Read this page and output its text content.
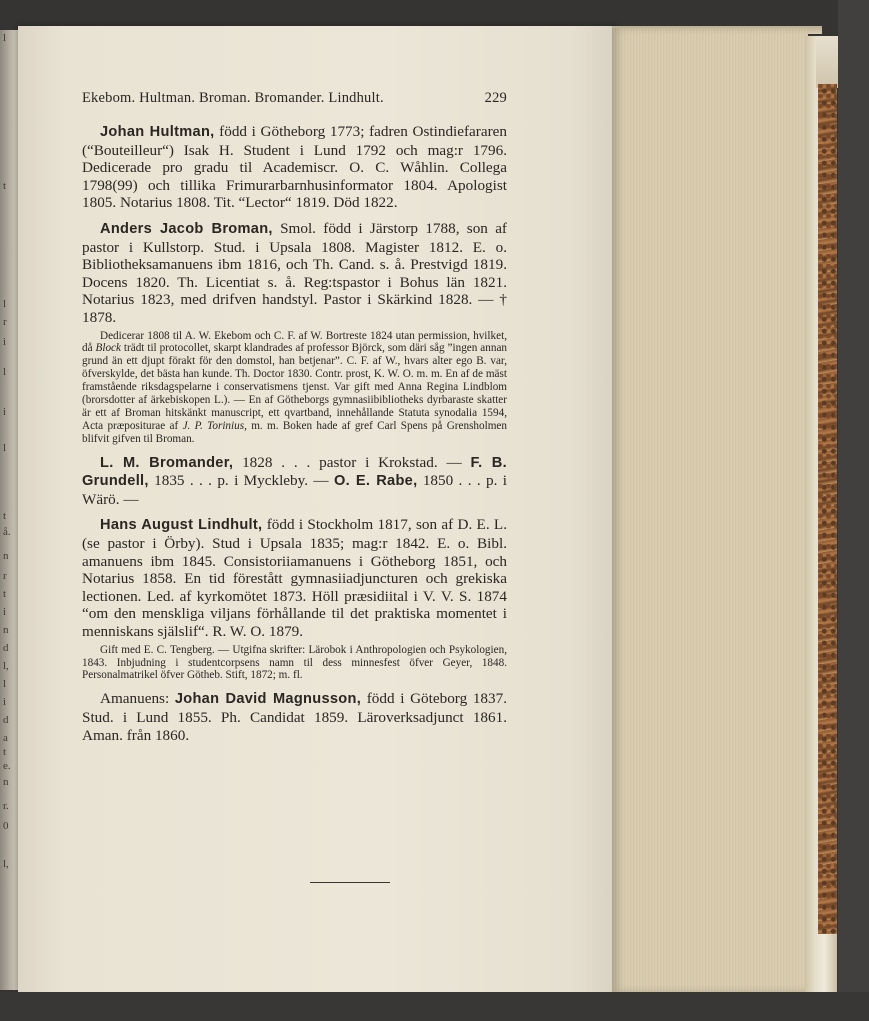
l
t
l
r
i
l
i
l
t
å.
n
r
t
i
n
d
l,
l
i
d
a
t
e.
n
r.
0
l,
Ekebom. Hultman. Broman. Bromander. Lindhult.	229

Johan Hultman, född i Götheborg 1773; fadren Ostindiefararen (“Bouteilleur“) Isak H. Student i Lund 1792 och mag:r 1796. Dedicerade pro gradu til Academiscr. O. C. Wåhlin. Collega 1798(99) och tillika Frimurarbarnhusinformator 1804. Apologist 1805. Notarius 1808. Tit. “Lector“ 1819. Död 1822.

Anders Jacob Broman, Smol. född i Järstorp 1788, son af pastor i Kullstorp. Stud. i Upsala 1808. Magister 1812. E. o. Bibliotheksamanuens ibm 1816, och Th. Cand. s. å. Prestvigd 1819. Docens 1820. Th. Licentiat s. å. Reg:tspastor i Bohus län 1821. Notarius 1823, med drifven handstyl. Pastor i Skärkind 1828. — † 1878.

Dedicerar 1808 til A. W. Ekebom och C. F. af W. Bortreste 1824 utan permission, hvilket, då Block trädt til protocollet, skarpt klandrades af professor Björck, som däri såg ”ingen annan grund än ett djupt förakt för den domstol, han betjenar”. C. F. af W., hvars alter ego B. var, öfverskylde, det bästa han kunde. Th. Doctor 1830. Contr. prost, K. W. O. m. m. En af de mäst framstående riksdagspelarne i conservatismens tjenst. Var gift med Anna Regina Lindblom (brorsdotter af ärkebiskopen L.). — En af Götheborgs gymnasiibibliotheks dyrbaraste skatter är ett af Broman hitskänkt manuscript, ett qvartband, innehållande Statuta synodalia 1594, Acta præpositurae af J. P. Torinius, m. m. Boken hade af gref Carl Spens på Grensholmen blifvit gifven til Broman.

L. M. Bromander, 1828 . . . pastor i Krokstad. — F. B. Grundell, 1835 . . . p. i Myckleby. — O. E. Rabe, 1850 . . . p. i Wärö. —

Hans August Lindhult, född i Stockholm 1817, son af D. E. L. (se pastor i Örby). Stud i Upsala 1835; mag:r 1842. E. o. Bibl. amanuens ibm 1845. Consistoriiamanuens i Götheborg 1851, och Notarius 1858. En tid förestått gymnasiiadjuncturen och grekiska lectionen. Led. af kyrkomötet 1873. Höll præsidiital i V. V. S. 1874 “om den menskliga viljans förhållande til det praktiska momentet i menniskans själslif“. R. W. O. 1879.

Gift med E. C. Tengberg. — Utgifna skrifter: Lärobok i Anthropologien och Psykologien, 1843. Inbjudning i studentcorpsens namn til dess minnesfest öfver Geyer, 1848. Personalmatrikel öfver Götheb. Stift, 1872; m. fl.

Amanuens: Johan David Magnusson, född i Göteborg 1837. Stud. i Lund 1855. Ph. Candidat 1859. Läroverksadjunct 1861. Aman. från 1860.
